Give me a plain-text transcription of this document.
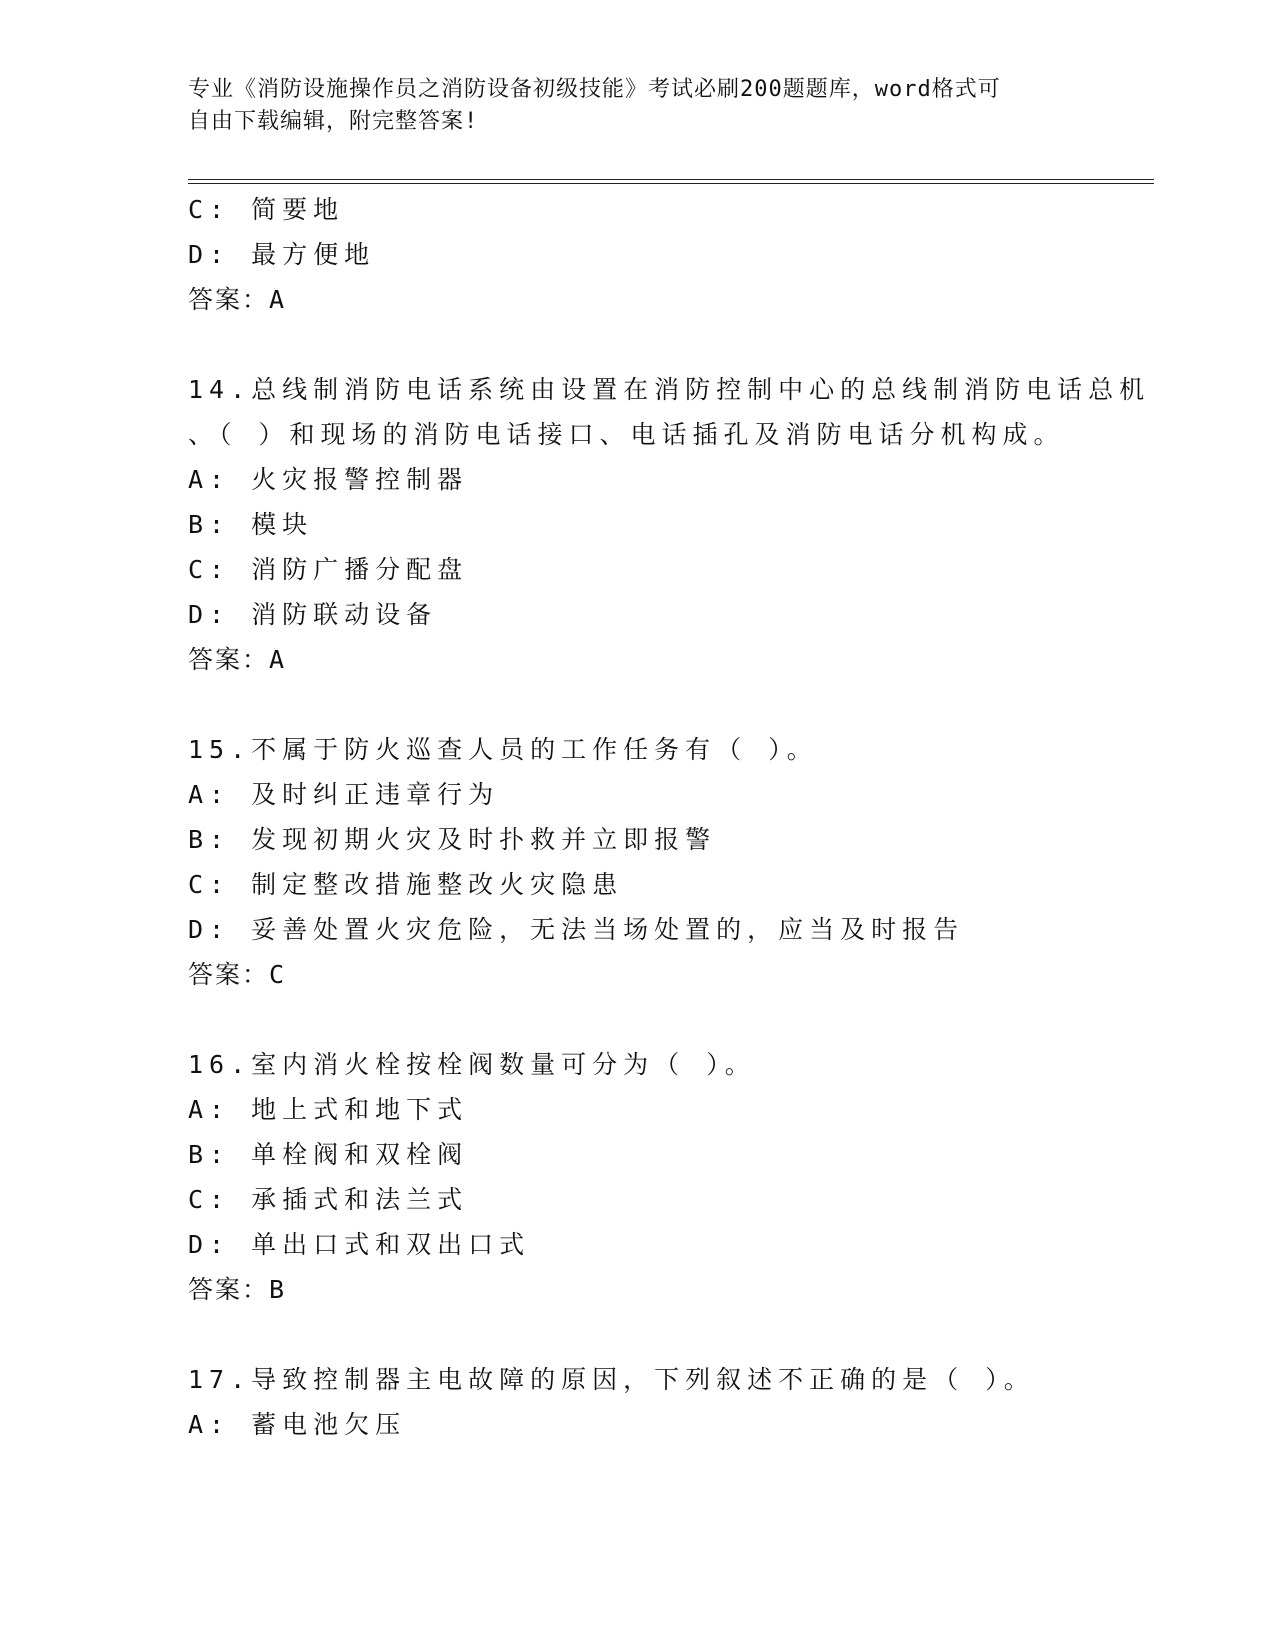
专业《消防设施操作员之消防设备初级技能》考试必刷200题题库，word格式可
自由下载编辑，附完整答案!
C: 简要地
D: 最方便地
答案：A
14.总线制消防电话系统由设置在消防控制中心的总线制消防电话总机
、（ ）和现场的消防电话接口、电话插孔及消防电话分机构成。
A: 火灾报警控制器
B: 模块
C: 消防广播分配盘
D: 消防联动设备
答案：A
15.不属于防火巡查人员的工作任务有（ ）。
A: 及时纠正违章行为
B: 发现初期火灾及时扑救并立即报警
C: 制定整改措施整改火灾隐患
D: 妥善处置火灾危险，无法当场处置的，应当及时报告
答案：C
16.室内消火栓按栓阀数量可分为（ ）。
A: 地上式和地下式
B: 单栓阀和双栓阀
C: 承插式和法兰式
D: 单出口式和双出口式
答案：B
17.导致控制器主电故障的原因，下列叙述不正确的是（ ）。
A: 蓄电池欠压
